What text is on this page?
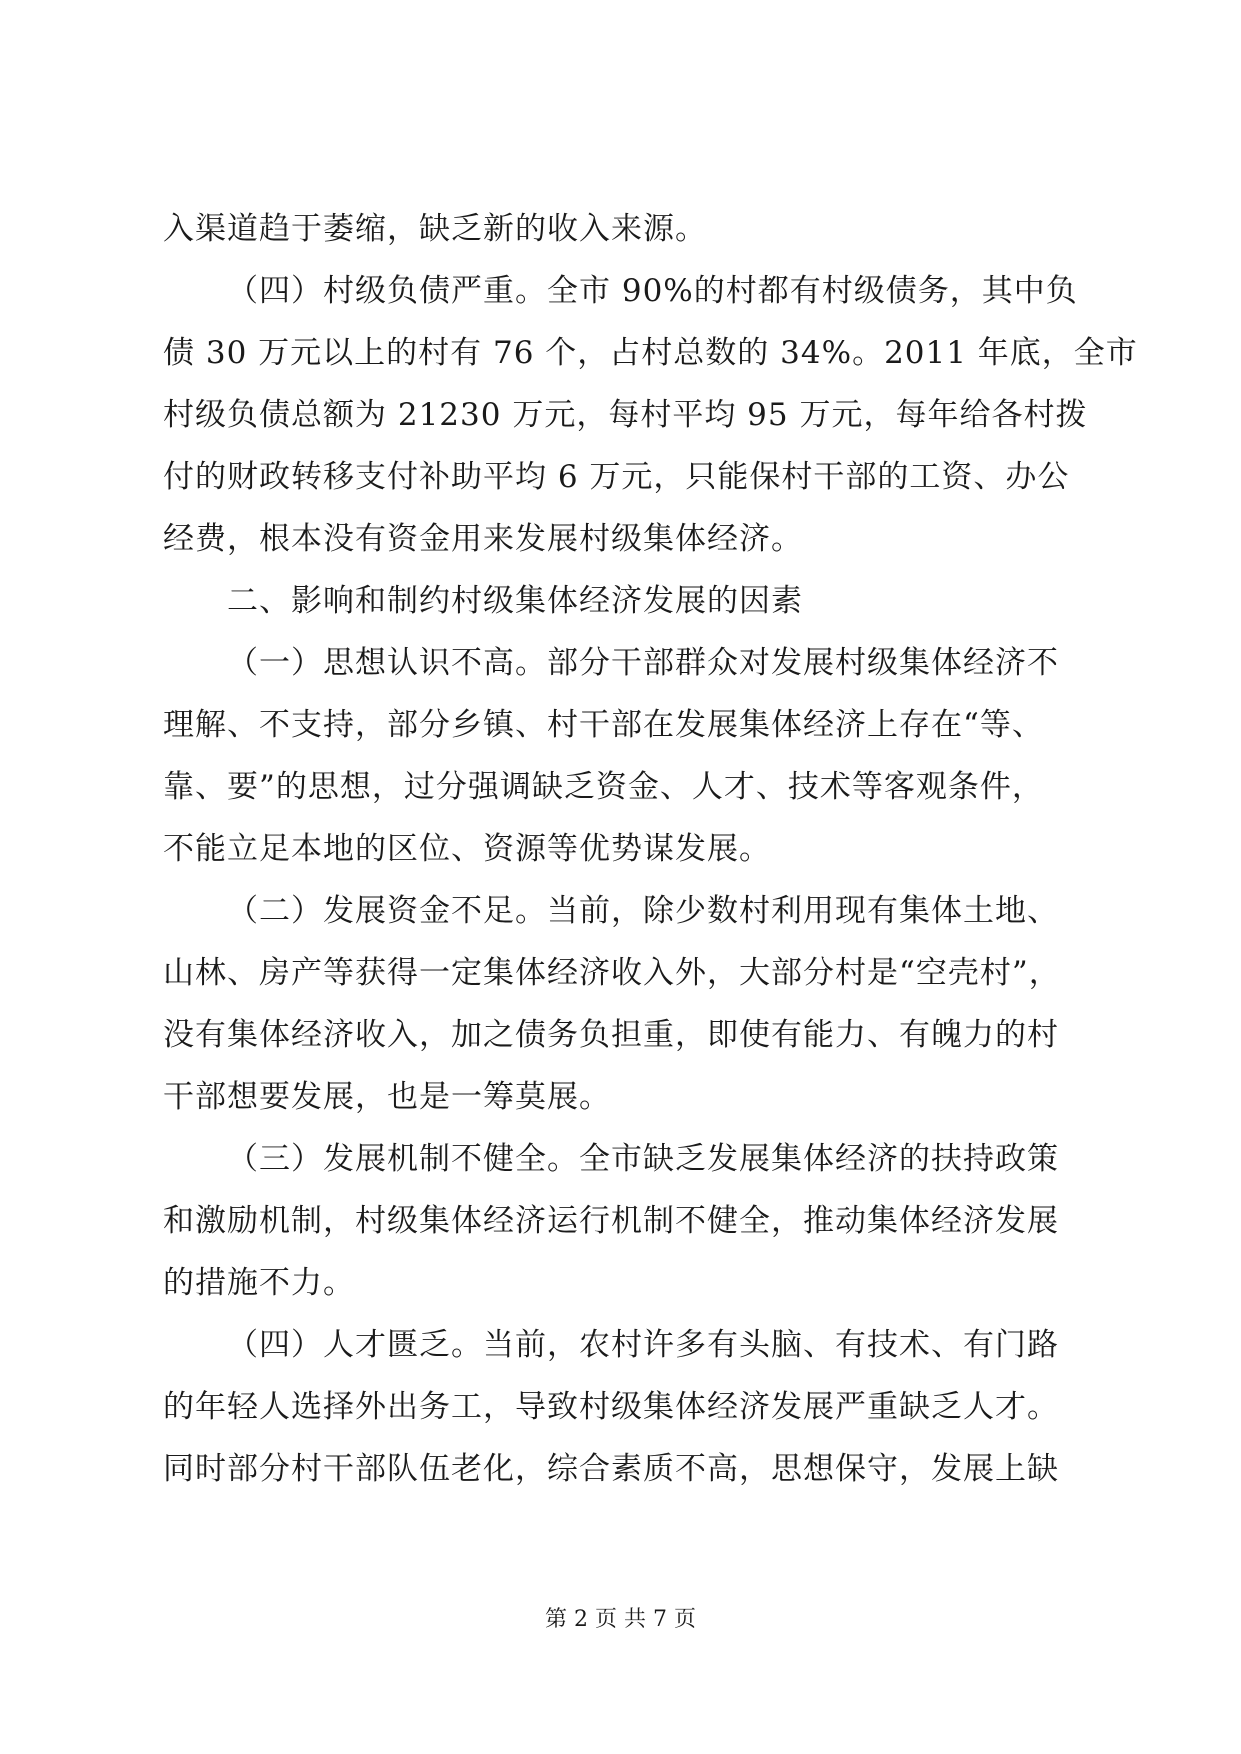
入渠道趋于萎缩，缺乏新的收入来源。
（四）村级负债严重。全市 90%的村都有村级债务，其中负
债 30 万元以上的村有 76 个，占村总数的 34%。2011 年底，全市
村级负债总额为 21230 万元，每村平均 95 万元，每年给各村拨
付的财政转移支付补助平均 6 万元，只能保村干部的工资、办公
经费，根本没有资金用来发展村级集体经济。
二、影响和制约村级集体经济发展的因素
（一）思想认识不高。部分干部群众对发展村级集体经济不
理解、不支持，部分乡镇、村干部在发展集体经济上存在“等、
靠、要”的思想，过分强调缺乏资金、人才、技术等客观条件，
不能立足本地的区位、资源等优势谋发展。
（二）发展资金不足。当前，除少数村利用现有集体土地、
山林、房产等获得一定集体经济收入外，大部分村是“空壳村”，
没有集体经济收入，加之债务负担重，即使有能力、有魄力的村
干部想要发展，也是一筹莫展。
（三）发展机制不健全。全市缺乏发展集体经济的扶持政策
和激励机制，村级集体经济运行机制不健全，推动集体经济发展
的措施不力。
（四）人才匮乏。当前，农村许多有头脑、有技术、有门路
的年轻人选择外出务工，导致村级集体经济发展严重缺乏人才。
同时部分村干部队伍老化，综合素质不高，思想保守，发展上缺
第 2 页 共 7 页
